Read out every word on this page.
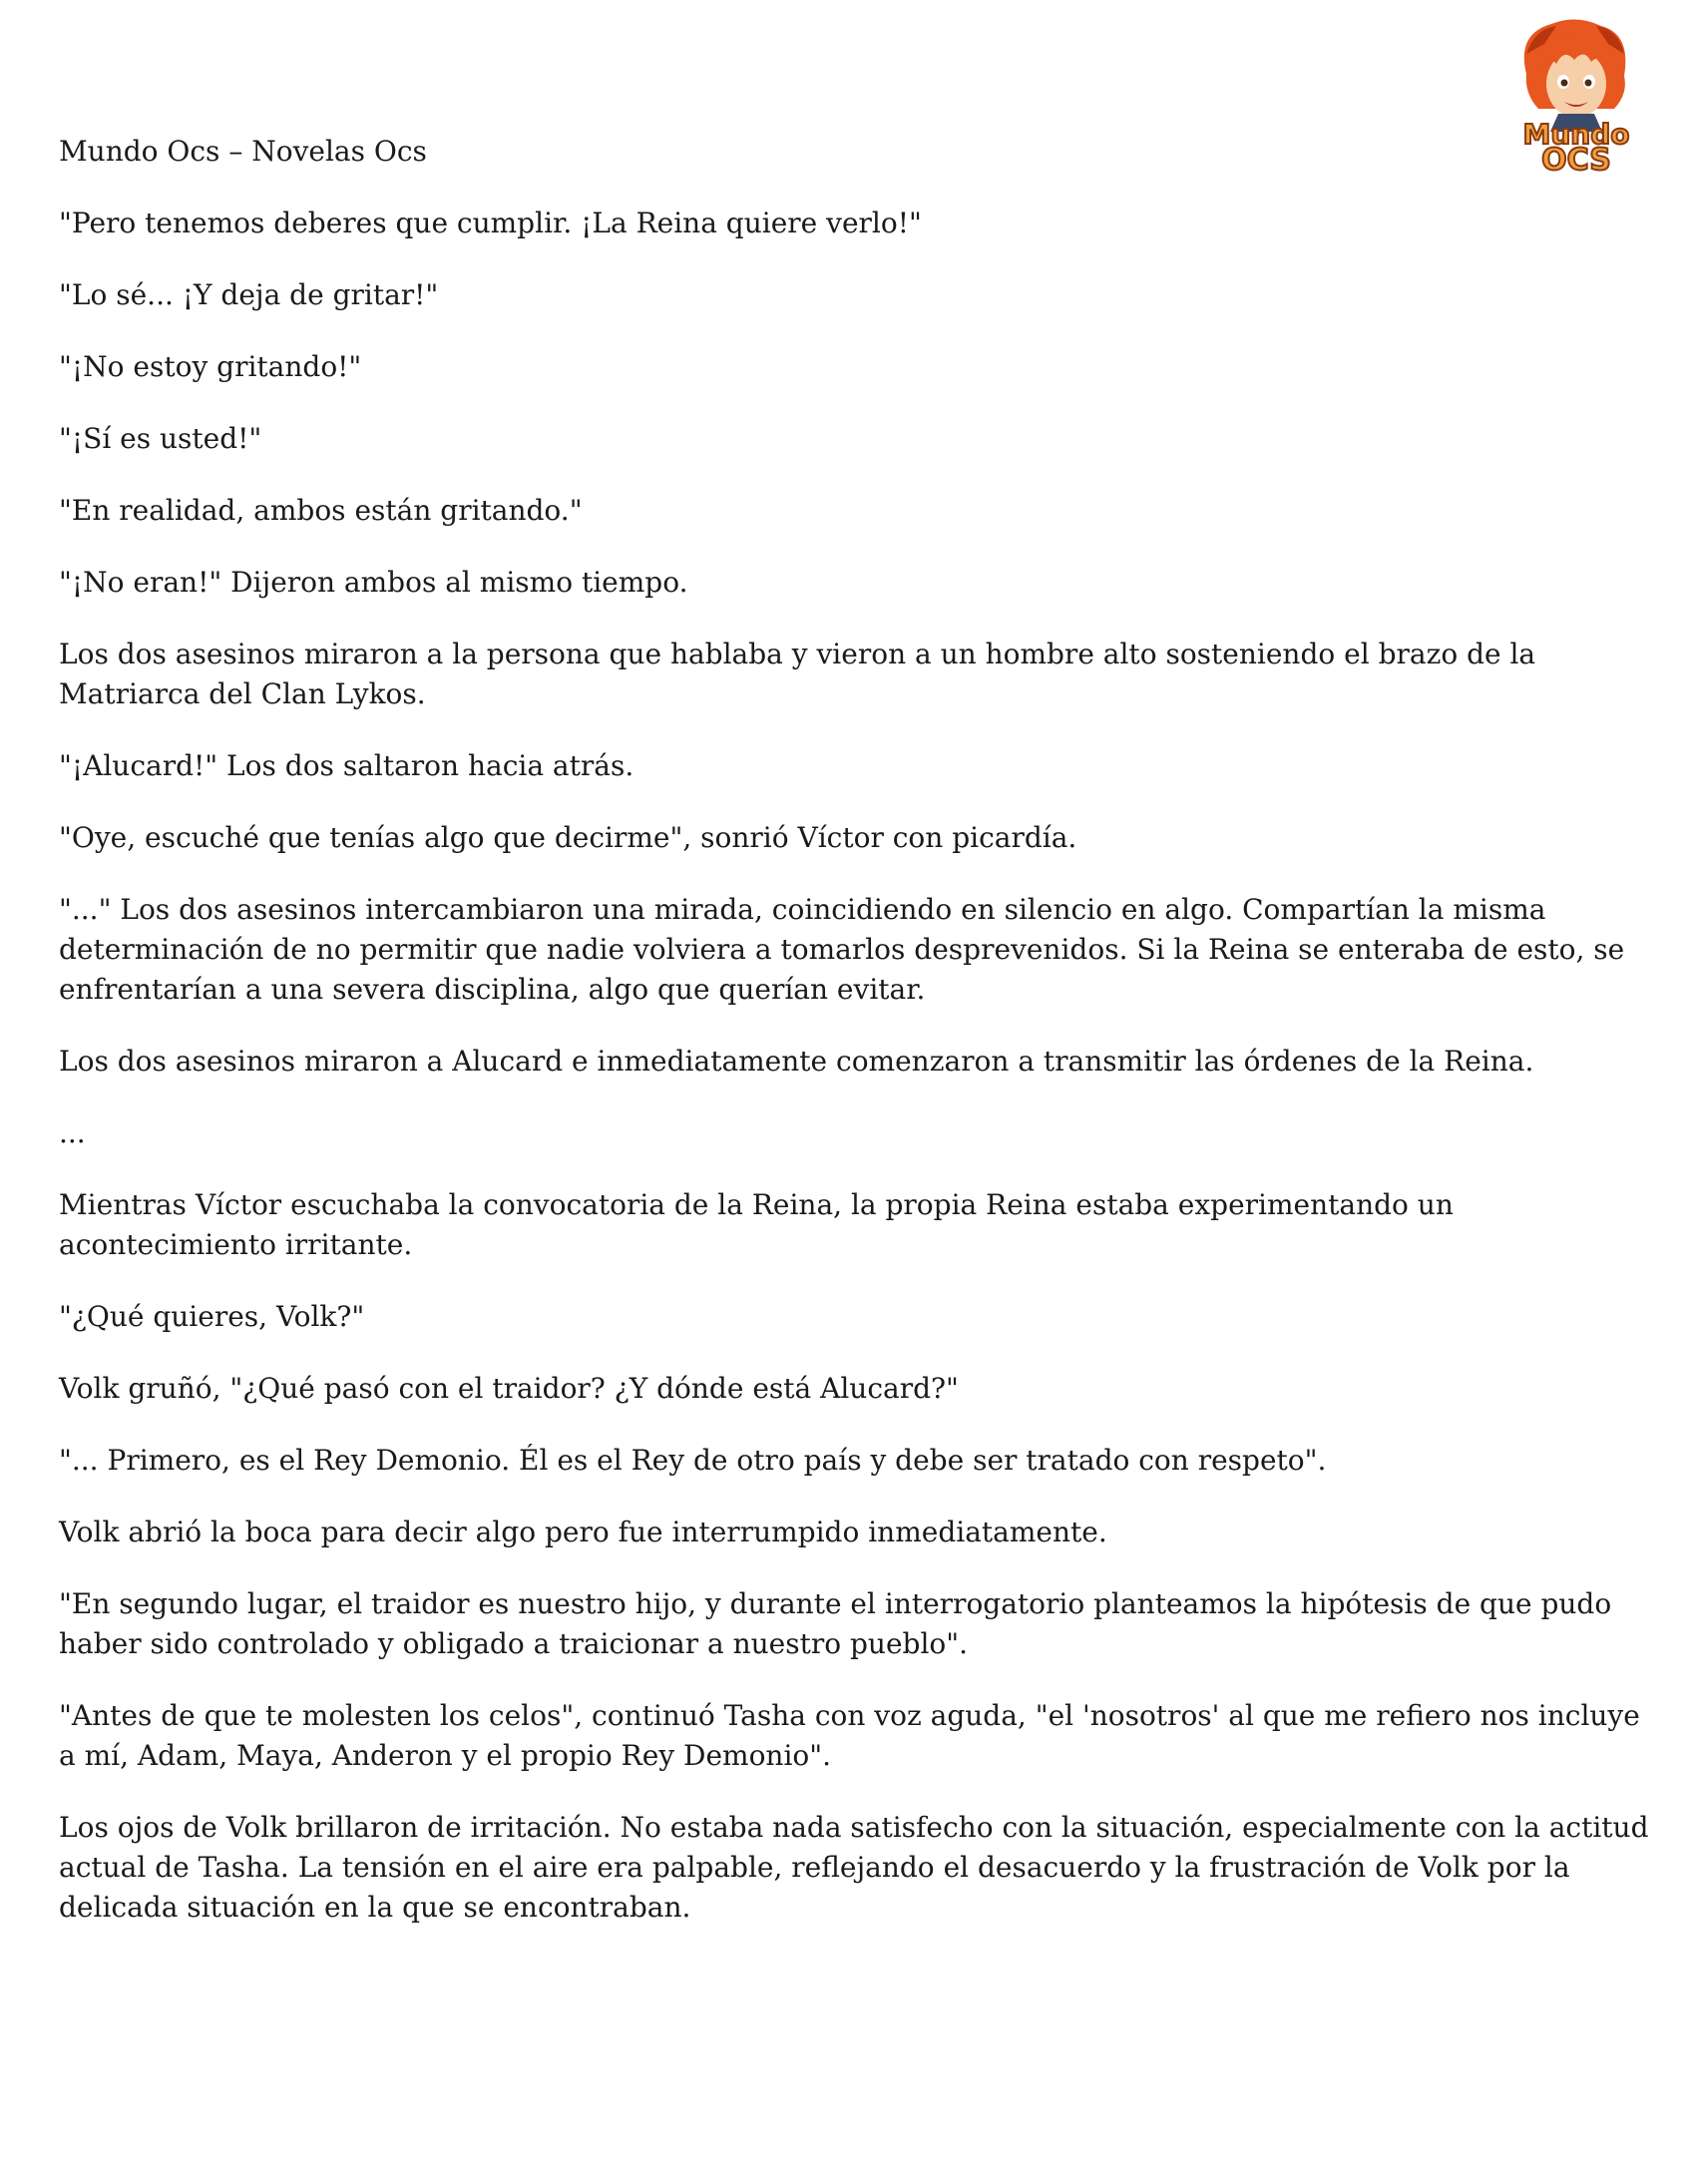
Mundo
OCS

Mundo Ocs – Novelas Ocs

"Pero tenemos deberes que cumplir. ¡La Reina quiere verlo!"

"Lo sé... ¡Y deja de gritar!"

"¡No estoy gritando!"

"¡Sí es usted!"

"En realidad, ambos están gritando."

"¡No eran!" Dijeron ambos al mismo tiempo.

Los dos asesinos miraron a la persona que hablaba y vieron a un hombre alto sosteniendo el brazo de la Matriarca del Clan Lykos.

"¡Alucard!" Los dos saltaron hacia atrás.

"Oye, escuché que tenías algo que decirme", sonrió Víctor con picardía.

"..." Los dos asesinos intercambiaron una mirada, coincidiendo en silencio en algo. Compartían la misma determinación de no permitir que nadie volviera a tomarlos desprevenidos. Si la Reina se enteraba de esto, se enfrentarían a una severa disciplina, algo que querían evitar.

Los dos asesinos miraron a Alucard e inmediatamente comenzaron a transmitir las órdenes de la Reina.

...

Mientras Víctor escuchaba la convocatoria de la Reina, la propia Reina estaba experimentando un acontecimiento irritante.

"¿Qué quieres, Volk?"

Volk gruñó, "¿Qué pasó con el traidor? ¿Y dónde está Alucard?"

"... Primero, es el Rey Demonio. Él es el Rey de otro país y debe ser tratado con respeto".

Volk abrió la boca para decir algo pero fue interrumpido inmediatamente.

"En segundo lugar, el traidor es nuestro hijo, y durante el interrogatorio planteamos la hipótesis de que pudo haber sido controlado y obligado a traicionar a nuestro pueblo".

"Antes de que te molesten los celos", continuó Tasha con voz aguda, "el 'nosotros' al que me refiero nos incluye a mí, Adam, Maya, Anderon y el propio Rey Demonio".

Los ojos de Volk brillaron de irritación. No estaba nada satisfecho con la situación, especialmente con la actitud actual de Tasha. La tensión en el aire era palpable, reflejando el desacuerdo y la frustración de Volk por la delicada situación en la que se encontraban.
